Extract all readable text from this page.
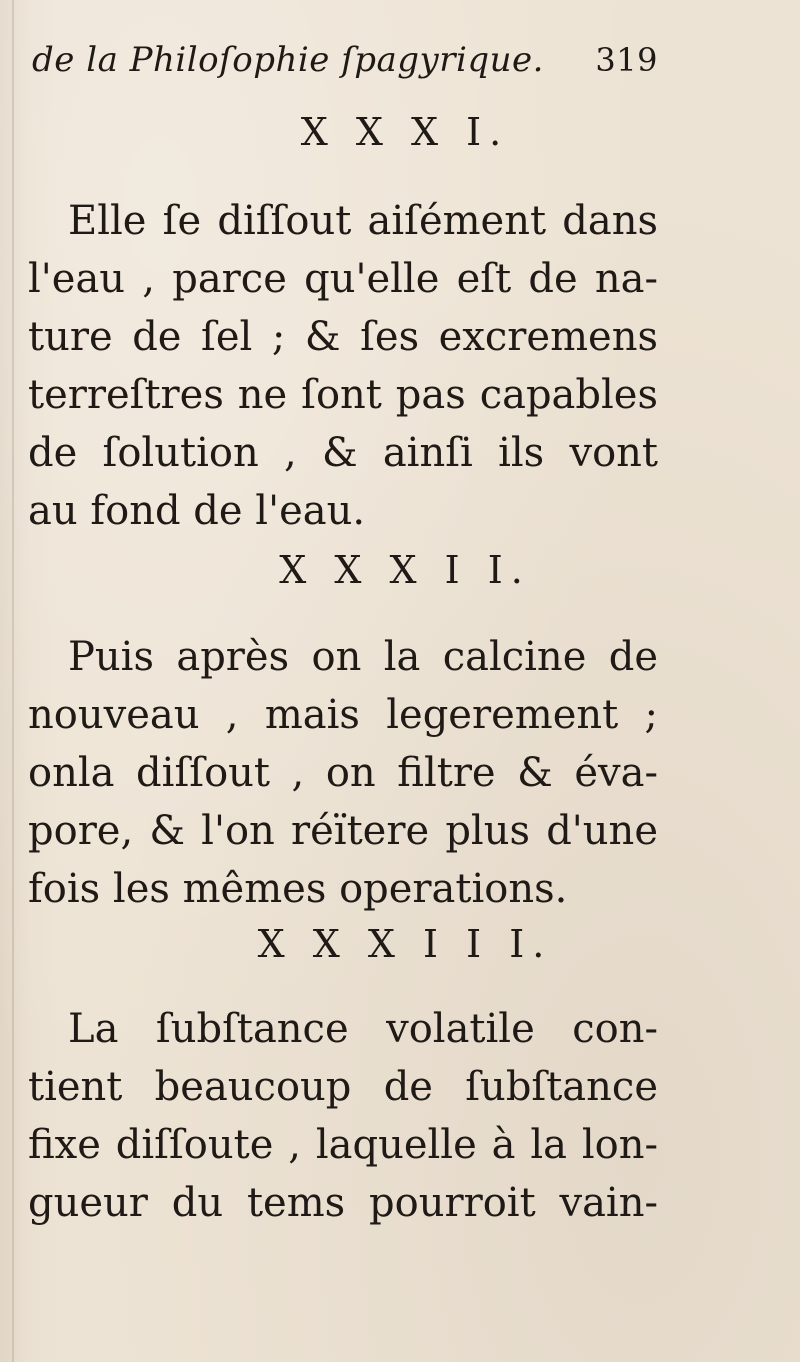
de la Philoſophie ſpagyrique. 319
X X X I.
Elle ſe diſſout aiſément dans
l'eau , parce qu'elle eſt de na-
ture de ſel ; & ſes excremens
terreſtres ne ſont pas capables
de ſolution , & ainſi ils vont
au fond de l'eau.
X X X I I.
Puis après on la calcine de
nouveau , mais legerement ;
onla diſſout , on filtre & éva-
pore, & l'on réïtere plus d'une
fois les mêmes operations.
X X X I I I.
La ſubſtance volatile con-
tient beaucoup de ſubſtance
fixe diſſoute , laquelle à la lon-
gueur du tems pourroit vain-
